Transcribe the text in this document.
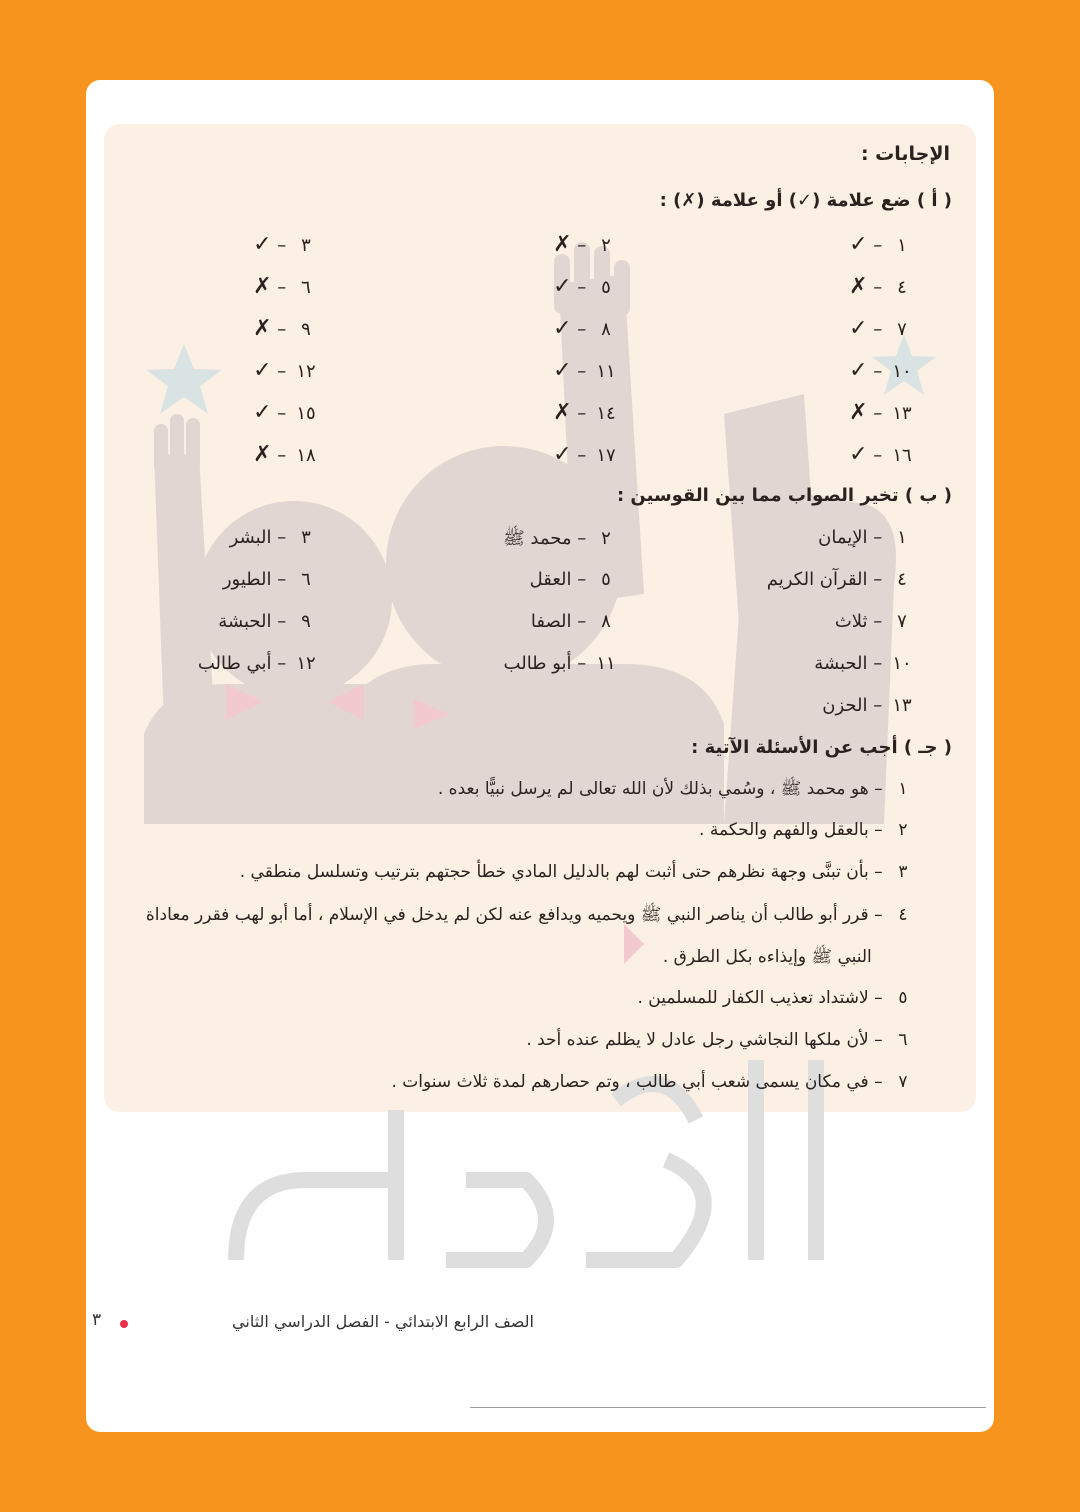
الإجابات :
( أ ) ضع علامة (✓) أو علامة (✗) :
١ – ✓
٢ – ✗
٣ – ✓
٤ – ✗
٥ – ✓
٦ – ✗
٧ – ✓
٨ – ✓
٩ – ✗
١٠ – ✓
١١ – ✓
١٢ – ✓
١٣ – ✗
١٤ – ✗
١٥ – ✓
١٦ – ✓
١٧ – ✓
١٨ – ✗
( ب ) تخير الصواب مما بين القوسين :
١ – الإيمان
٢ – محمد ﷺ
٣ – البشر
٤ – القرآن الكريم
٥ – العقل
٦ – الطيور
٧ – ثلاث
٨ – الصفا
٩ – الحبشة
١٠ – الحبشة
١١ – أبو طالب
١٢ – أبي طالب
١٣ – الحزن
( جـ ) أجب عن الأسئلة الآتية :
١ – هو محمد ﷺ ، وسُمي بذلك لأن الله تعالى لم يرسل نبيًّا بعده .
٢ – بالعقل والفهم والحكمة .
٣ – بأن تبنَّى وجهة نظرهم حتى أثبت لهم بالدليل المادي خطأ حجتهم بترتيب وتسلسل منطقي .
٤ – قرر أبو طالب أن يناصر النبي ﷺ ويحميه ويدافع عنه لكن لم يدخل في الإسلام ، أما أبو لهب فقرر معاداة
النبي ﷺ وإيذاءه بكل الطرق .
٥ – لاشتداد تعذيب الكفار للمسلمين .
٦ – لأن ملكها النجاشي رجل عادل لا يظلم عنده أحد .
٧ – في مكان يسمى شعب أبي طالب ، وتم حصارهم لمدة ثلاث سنوات .
الصف الرابع الابتدائي - الفصل الدراسي الثاني
٣
